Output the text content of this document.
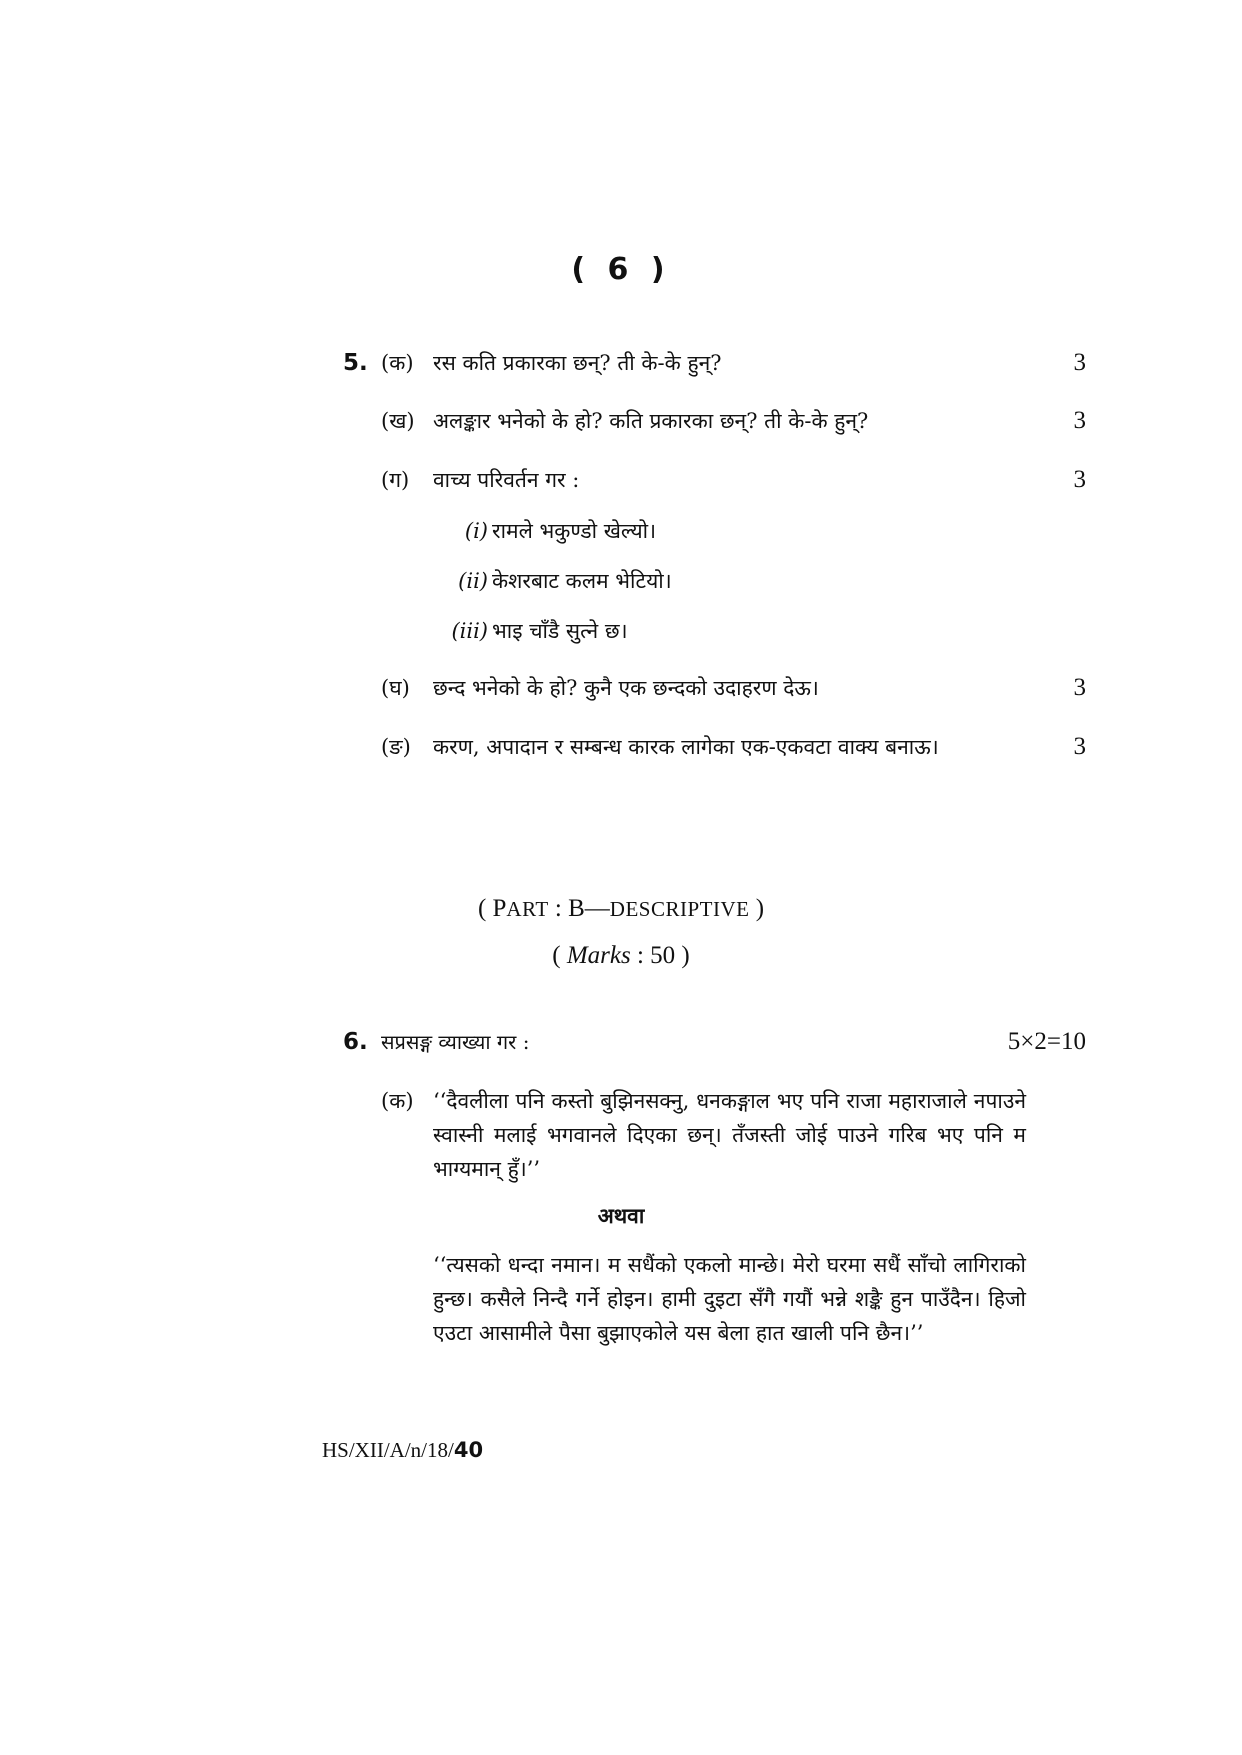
( 6 )
5. (क) रस कति प्रकारका छन्? ती के-के हुन्?	3
(ख) अलङ्कार भनेको के हो? कति प्रकारका छन्? ती के-के हुन्?	3
(ग) वाच्य परिवर्तन गर :	3
(i) रामले भकुण्डो खेल्यो।
(ii) केशरबाट कलम भेटियो।
(iii) भाइ चाँडै सुत्ने छ।
(घ) छन्द भनेको के हो? कुनै एक छन्दको उदाहरण देऊ।	3
(ङ) करण, अपादान र सम्बन्ध कारक लागेका एक-एकवटा वाक्य बनाऊ।	3
( PART : B—DESCRIPTIVE )
( Marks : 50 )
6. सप्रसङ्ग व्याख्या गर :	5×2=10
(क) ‘‘दैवलीला पनि कस्तो बुझिनसक्नु, धनकङ्गाल भए पनि राजा महाराजाले नपाउने स्वास्नी मलाई भगवानले दिएका छन्। तँजस्ती जोई पाउने गरिब भए पनि म भाग्यमान् हुँ।’’
अथवा
‘‘त्यसको धन्दा नमान। म सधैंको एकलो मान्छे। मेरो घरमा सधैं साँचो लागिराको हुन्छ। कसैले निन्दै गर्ने होइन। हामी दुइटा सँगै गयौं भन्ने शङ्कै हुन पाउँदैन। हिजो एउटा आसामीले पैसा बुझाएकोले यस बेला हात खाली पनि छैन।’’
HS/XII/A/n/18/40
